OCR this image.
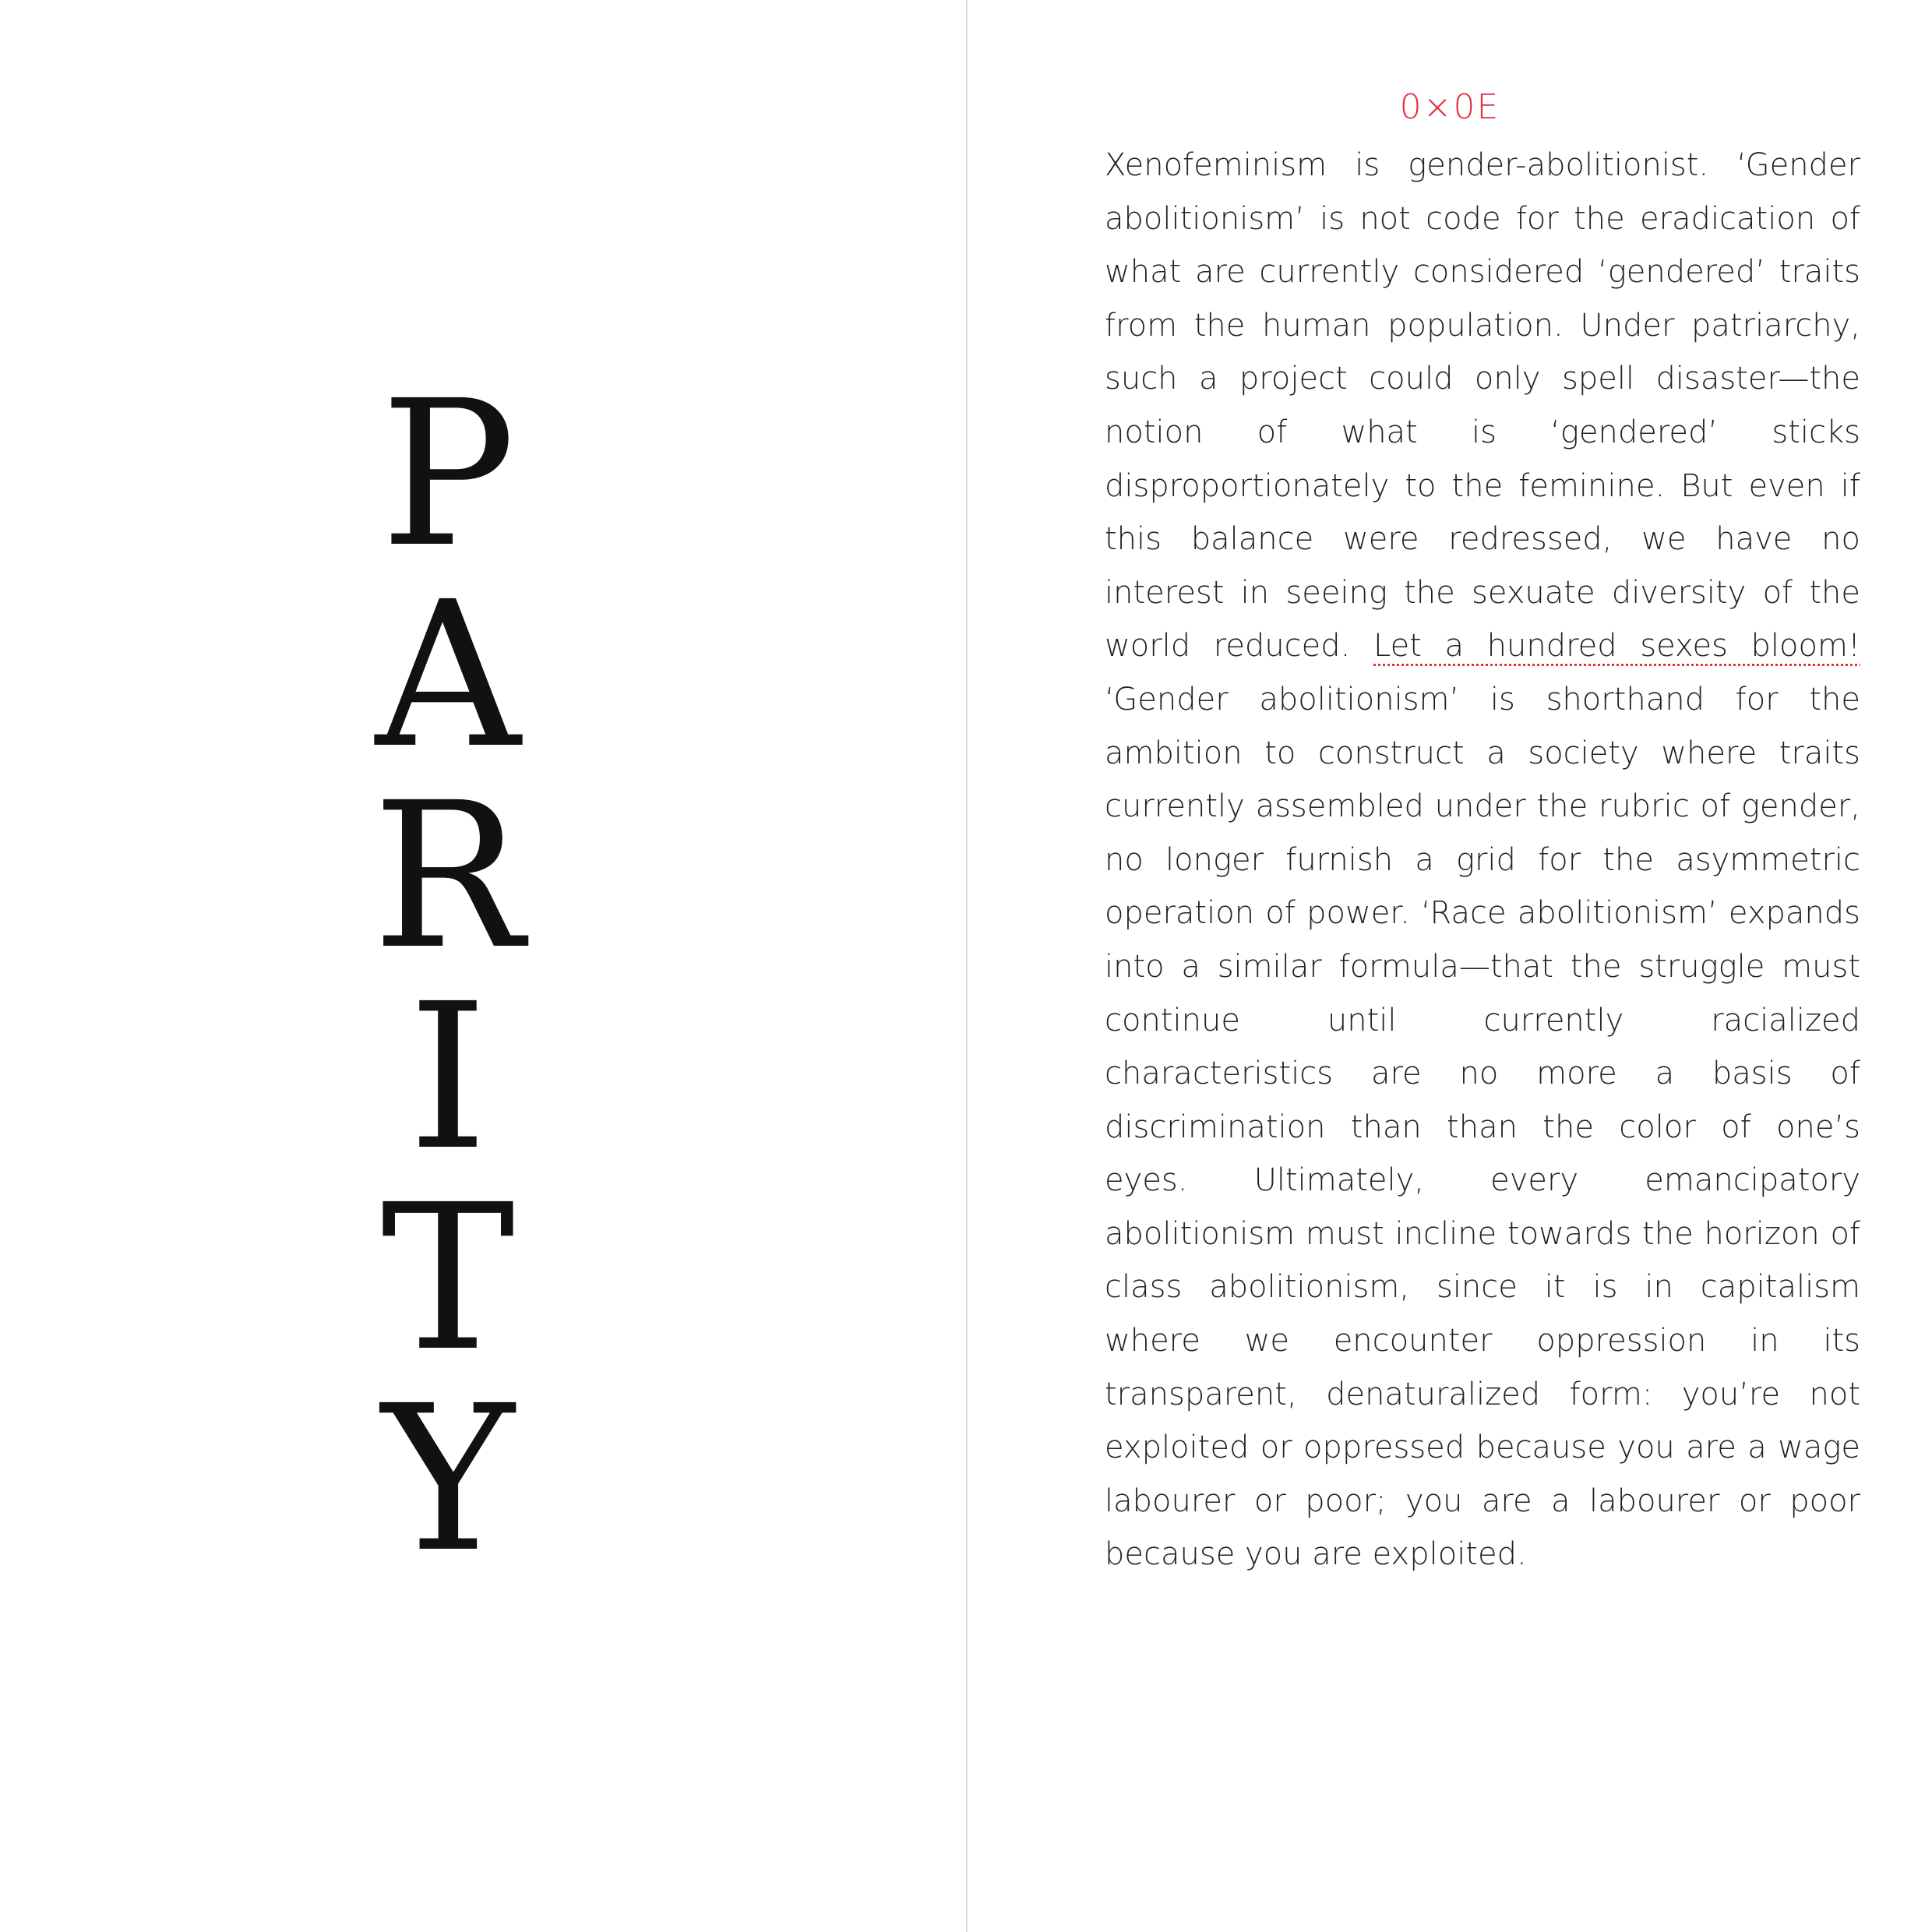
P
A
R
I
T
Y
0×0E

Xenofeminism is gender-abolitionist. ‘Gender abolitionism’ is not code for the eradication of what are currently considered ‘gendered’ traits from the human population. Under patriarchy, such a project could only spell disaster—the notion of what is ‘gendered’ sticks disproportionately to the feminine. But even if this balance were redressed, we have no interest in seeing the sexuate diversity of the world reduced. Let a hundred sexes bloom! ‘Gender abolitionism’ is shorthand for the ambition to construct a society where traits currently assembled under the rubric of gender, no longer furnish a grid for the asymmetric operation of power. ‘Race abolitionism’ expands into a similar formula—that the struggle must continue until currently racialized characteristics are no more a basis of discrimination than than the color of one’s eyes. Ultimately, every emancipatory abolitionism must incline towards the horizon of class abolitionism, since it is in capitalism where we encounter oppression in its transparent, denaturalized form: you’re not exploited or oppressed because you are a wage labourer or poor; you are a labourer or poor because you are exploited.
